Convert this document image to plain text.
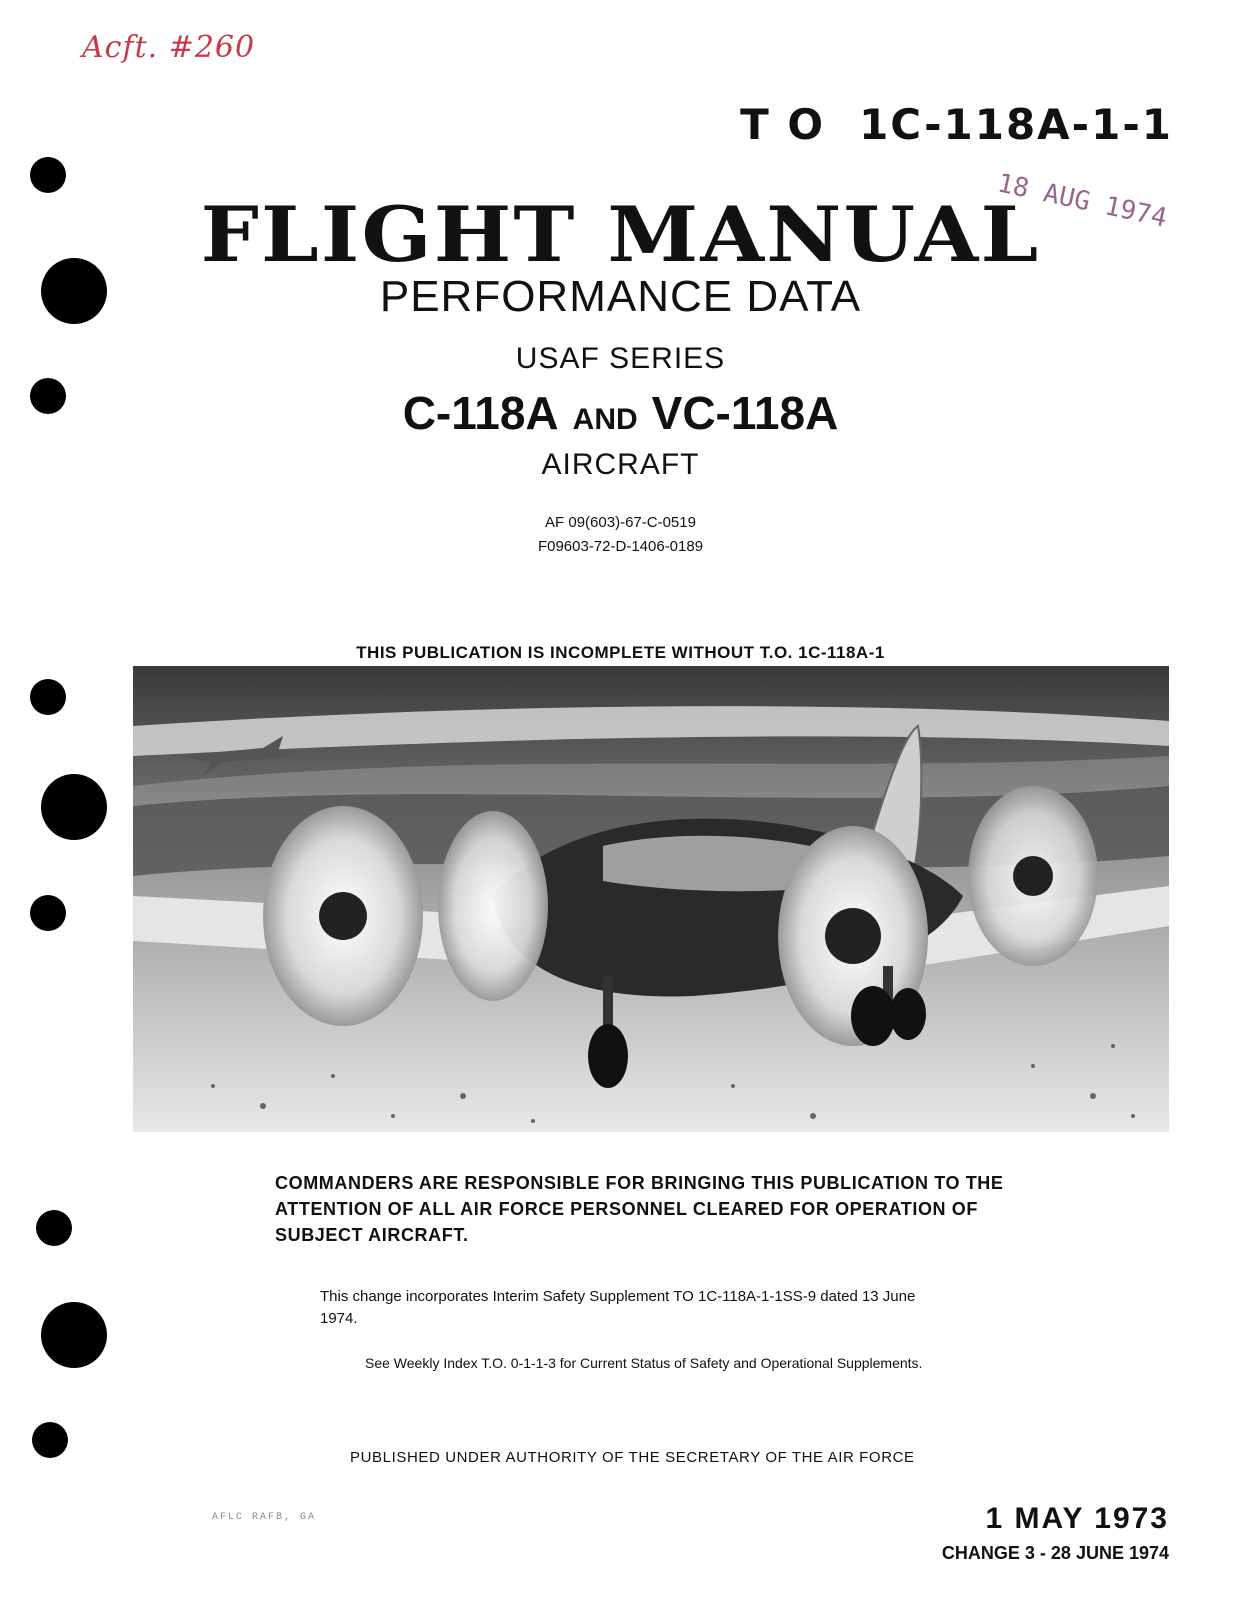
Acft. #260
T O 1C-118A-1-1
18 AUG 1974
FLIGHT MANUAL
PERFORMANCE DATA
USAF SERIES
C-118A AND VC-118A
AIRCRAFT
AF 09(603)-67-C-0519
F09603-72-D-1406-0189
THIS PUBLICATION IS INCOMPLETE WITHOUT T.O. 1C-118A-1
COMMANDERS ARE RESPONSIBLE FOR BRINGING THIS PUBLICATION TO THE ATTENTION OF ALL AIR FORCE PERSONNEL CLEARED FOR OPERATION OF SUBJECT AIRCRAFT.
This change incorporates Interim Safety Supplement TO 1C-118A-1-1SS-9 dated 13 June 1974.
See Weekly Index T.O. 0-1-1-3 for Current Status of Safety and Operational Supplements.
PUBLISHED UNDER AUTHORITY OF THE SECRETARY OF THE AIR FORCE
AFLC RAFB, GA	1 MAY 1973
CHANGE 3 - 28 JUNE 1974
